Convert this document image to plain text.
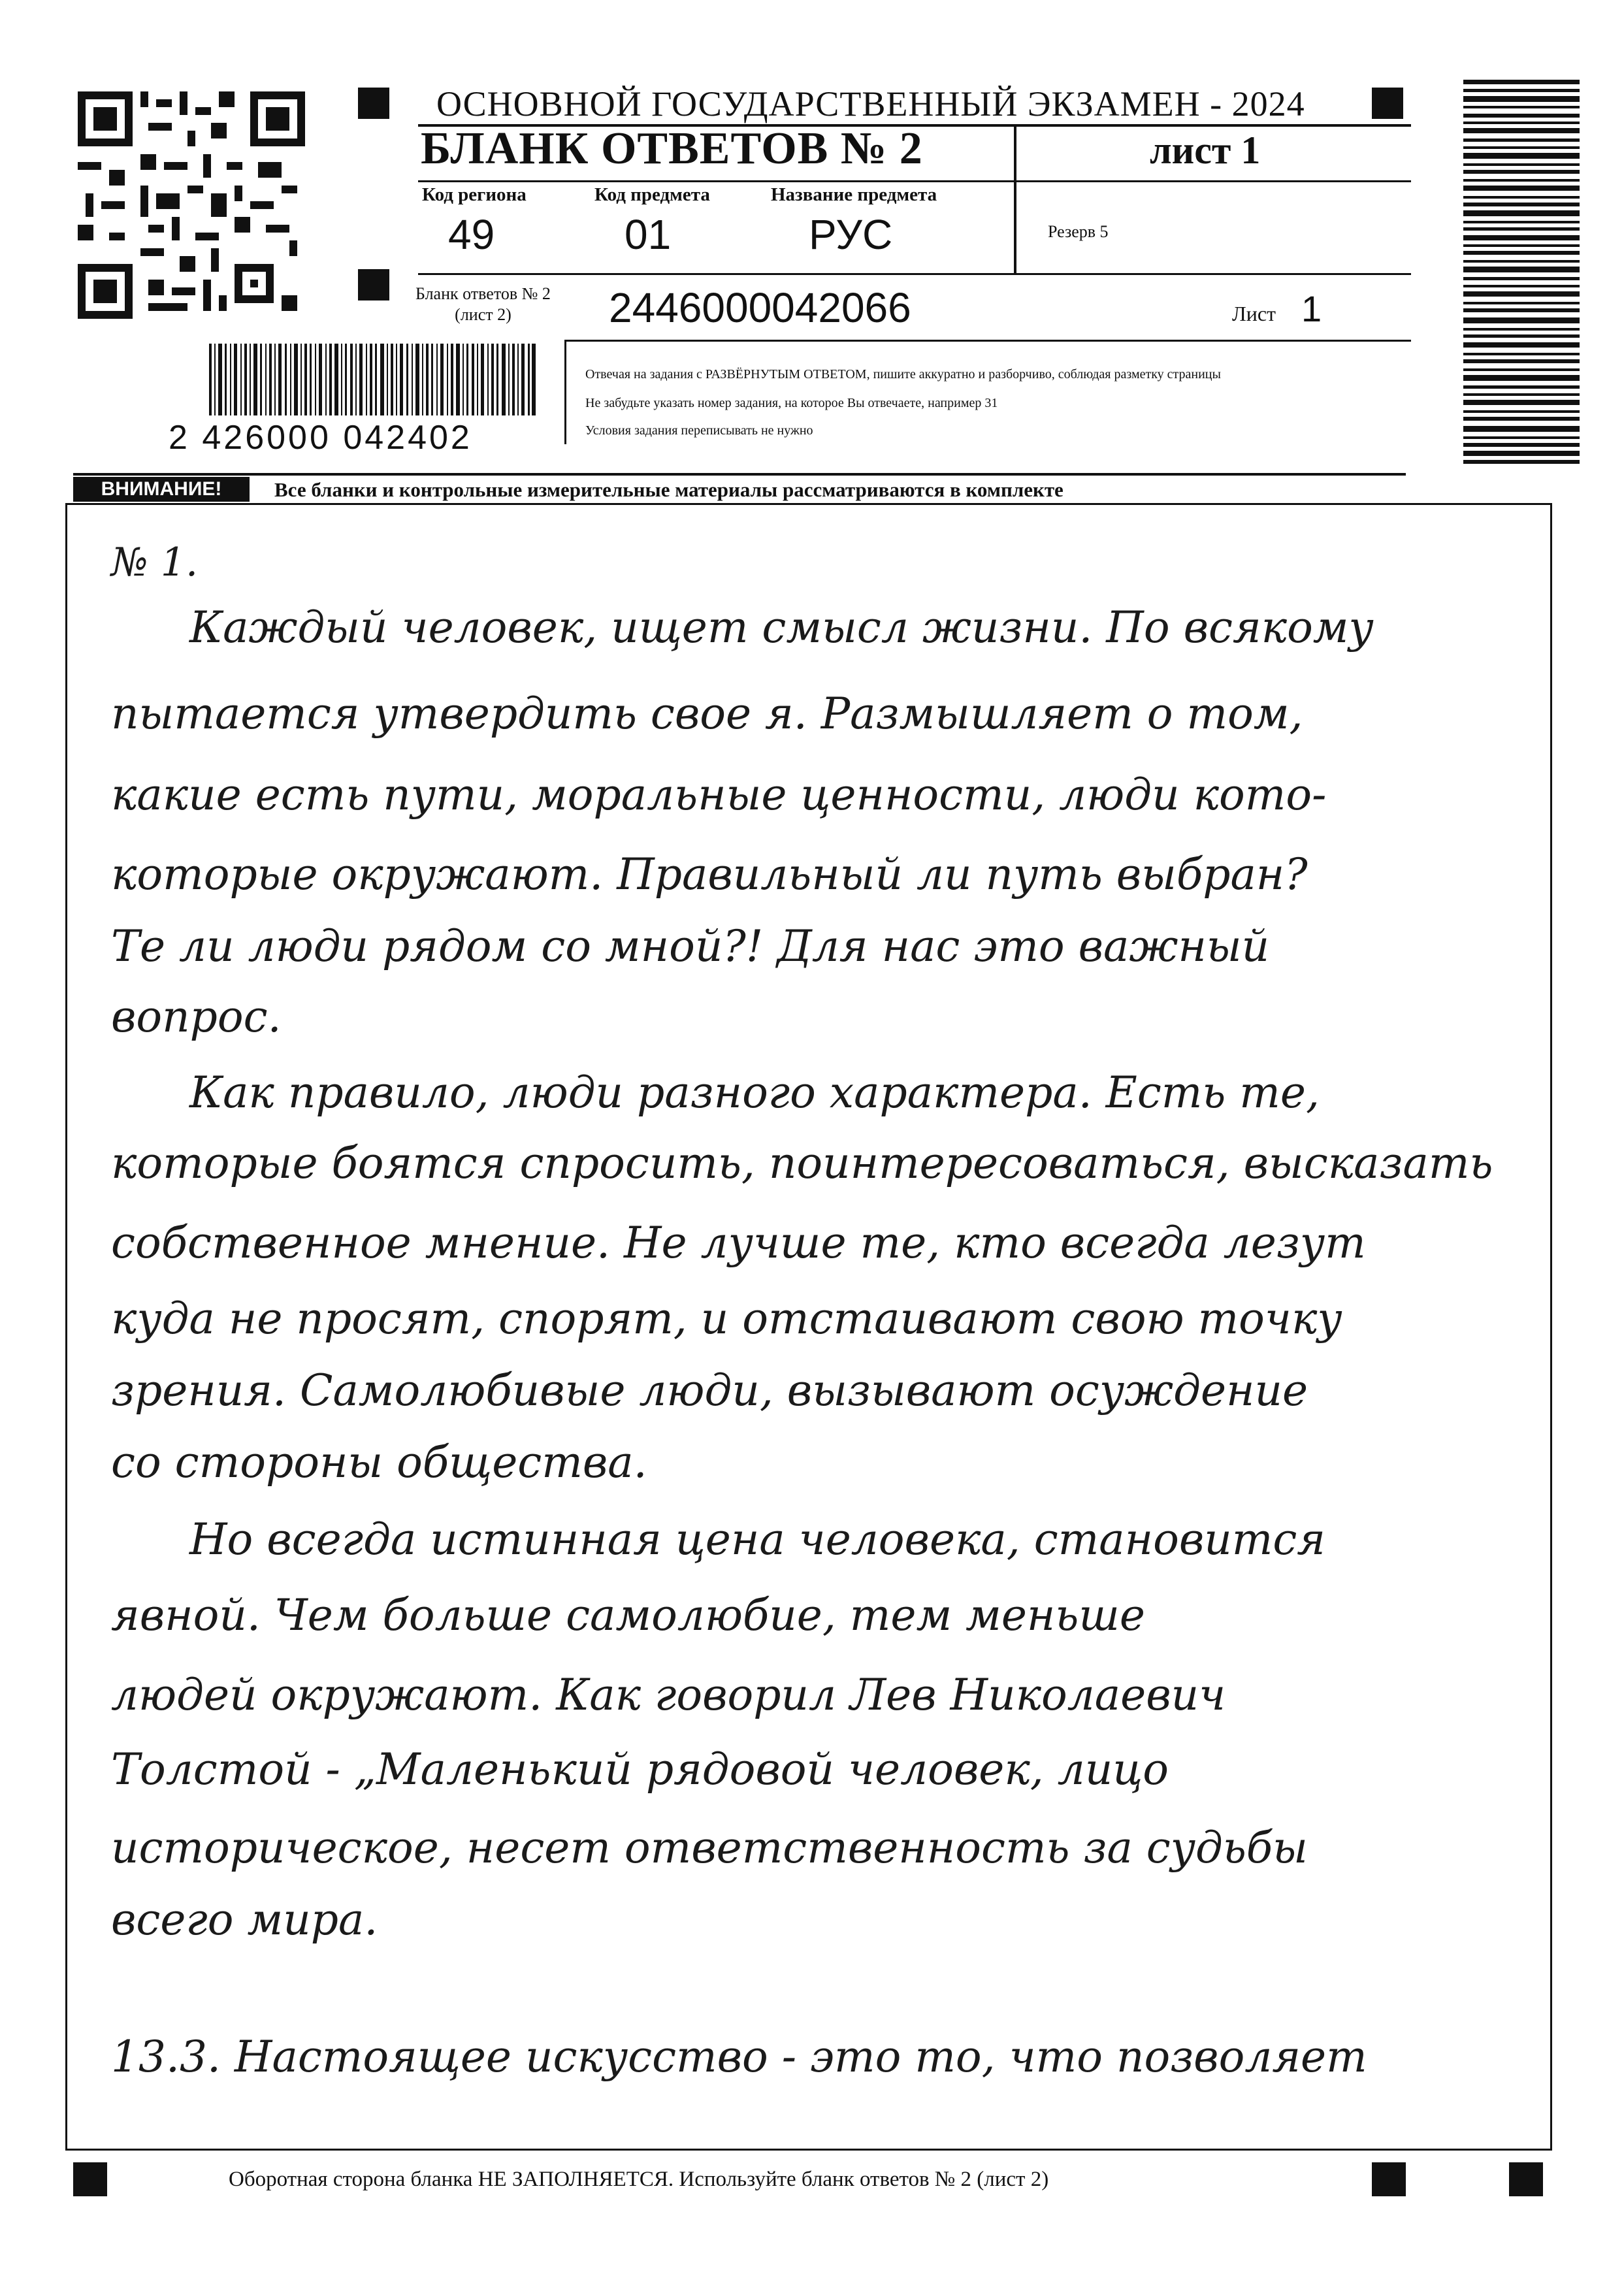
2 426000 042402
ОСНОВНОЙ ГОСУДАРСТВЕННЫЙ ЭКЗАМЕН - 2024
БЛАНК ОТВЕТОВ № 2	лист 1
Код региона	Код предмета	Название предмета
49	01	РУС	Резерв 5
Бланк ответов № 2
(лист 2)	2446000042066	Лист 1
Отвечая на задания с РАЗВЁРНУТЫМ ОТВЕТОМ, пишите аккуратно и разборчиво, соблюдая разметку страницы
Не забудьте указать номер задания, на которое Вы отвечаете, например 31
Условия задания переписывать не нужно
ВНИМАНИЕ!	Все бланки и контрольные измерительные материалы рассматриваются в комплекте
№ 1.
Каждый человек, ищет смысл жизни. По всякому
пытается утвердить свое я. Размышляет о том,
какие есть пути, моральные ценности, люди кото-
которые окружают. Правильный ли путь выбран?
Те ли люди рядом со мной?! Для нас это важный
вопрос.
Как правило, люди разного характера. Есть те,
которые боятся спросить, поинтересоваться, высказать
собственное мнение. Не лучше те, кто всегда лезут
куда не просят, спорят, и отстаивают свою точку
зрения. Самолюбивые люди, вызывают осуждение
со стороны общества.
Но всегда истинная цена человека, становится
явной. Чем больше самолюбие, тем меньше
людей окружают. Как говорил Лев Николаевич
Толстой - „Маленький рядовой человек, лицо
историческое, несет ответственность за судьбы
всего мира.
13.3. Настоящее искусство - это то, что позволяет
Оборотная сторона бланка НЕ ЗАПОЛНЯЕТСЯ. Используйте бланк ответов № 2 (лист 2)
